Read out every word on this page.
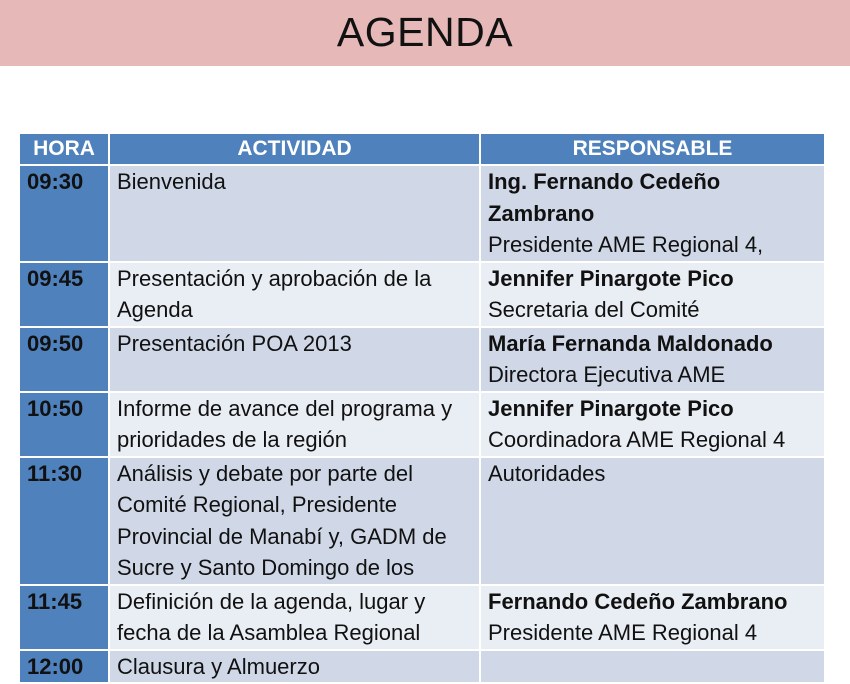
AGENDA
HORA	ACTIVIDAD	RESPONSABLE
09:30	Bienvenida	Ing. Fernando Cedeño Zambrano
Presidente AME Regional 4,

09:45	Presentación y aprobación de la Agenda	Jennifer Pinargote Pico
Secretaria del Comité

09:50	Presentación POA 2013	María Fernanda Maldonado
Directora Ejecutiva AME

10:50	Informe de avance del programa y prioridades de la región	Jennifer Pinargote Pico
Coordinadora AME Regional 4

11:30	Análisis y debate por parte del Comité Regional, Presidente Provincial de Manabí y, GADM de Sucre y Santo Domingo de los	Autoridades

11:45	Definición de la agenda, lugar y fecha de la Asamblea Regional	Fernando Cedeño Zambrano
Presidente AME Regional 4

12:00	Clausura y Almuerzo	
